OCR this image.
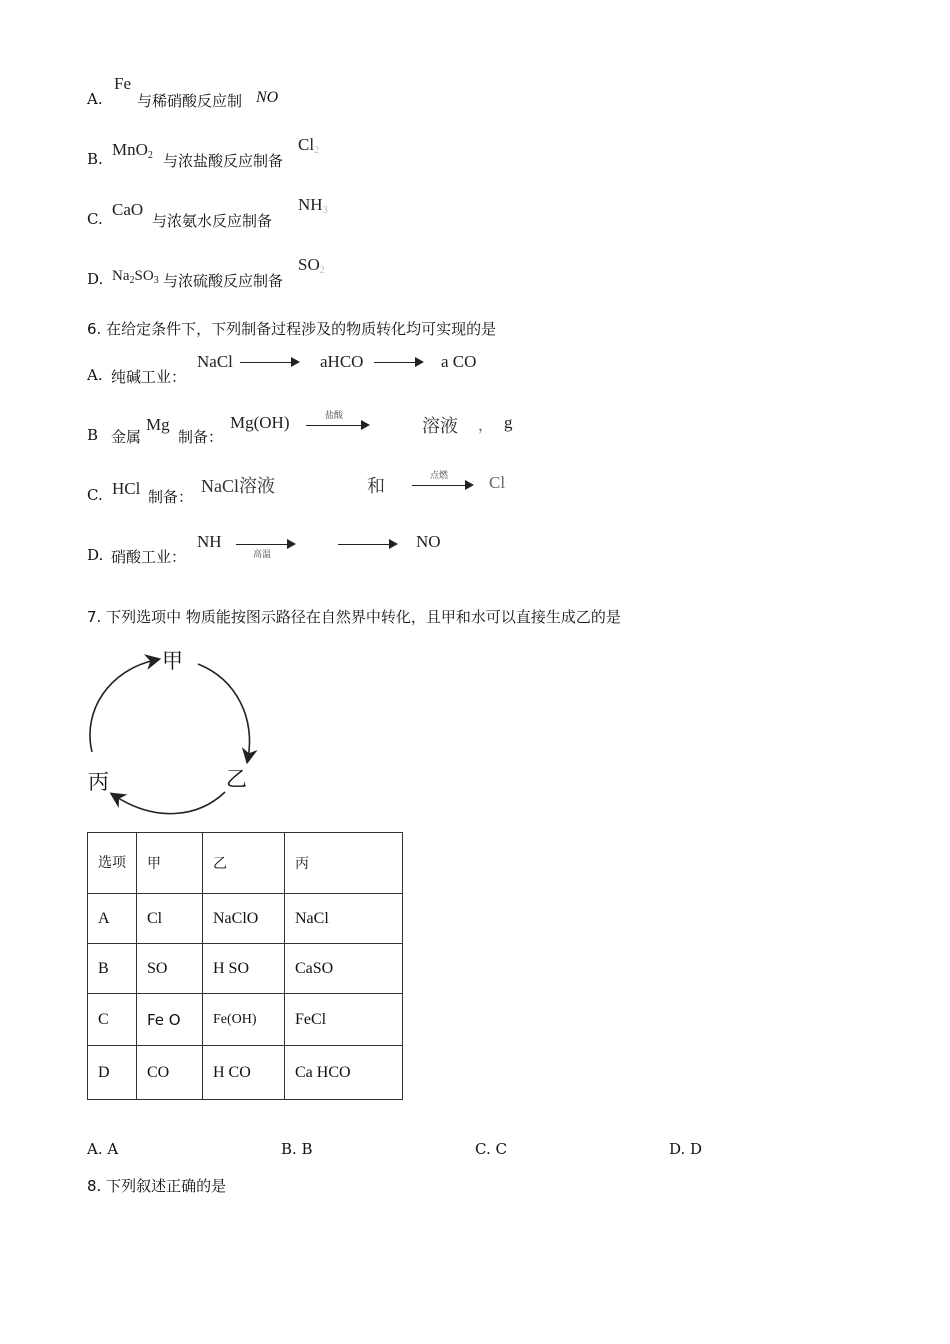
A.
Fe
与稀硝酸反应制 NO
B. MnO$_2$ 与浓盐酸反应制备
$Cl_2$
C. CaO
与浓氨水反应制备
$NH_3$
D. $Na_2SO_3$ 与浓硫酸反应制备
$SO_2$
6. 在给定条件下，下列制备过程涉及的物质转化均可实现的是
A. 纯碱工业：
NaCl	aHCO	a CO
B 金属
Mg
制备：
Mg(OH)	盐酸	溶液 ， g
C. HCl 制备：
NaCl溶液	和	点燃	Cl
D. 硝酸工业：
NH
高温
NO
7. 下列选项中 物质能按图示路径在自然界中转化，且甲和水可以直接生成乙的是
甲
乙
丙
选项	甲	乙	丙
A	Cl	NaClO	NaCl
B	SO	H SO	CaSO
C	Fe O	Fe(OH)	FeCl
D	CO	H CO	Ca HCO
A. A	B. B	C. C	D. D
8. 下列叙述正确的是
